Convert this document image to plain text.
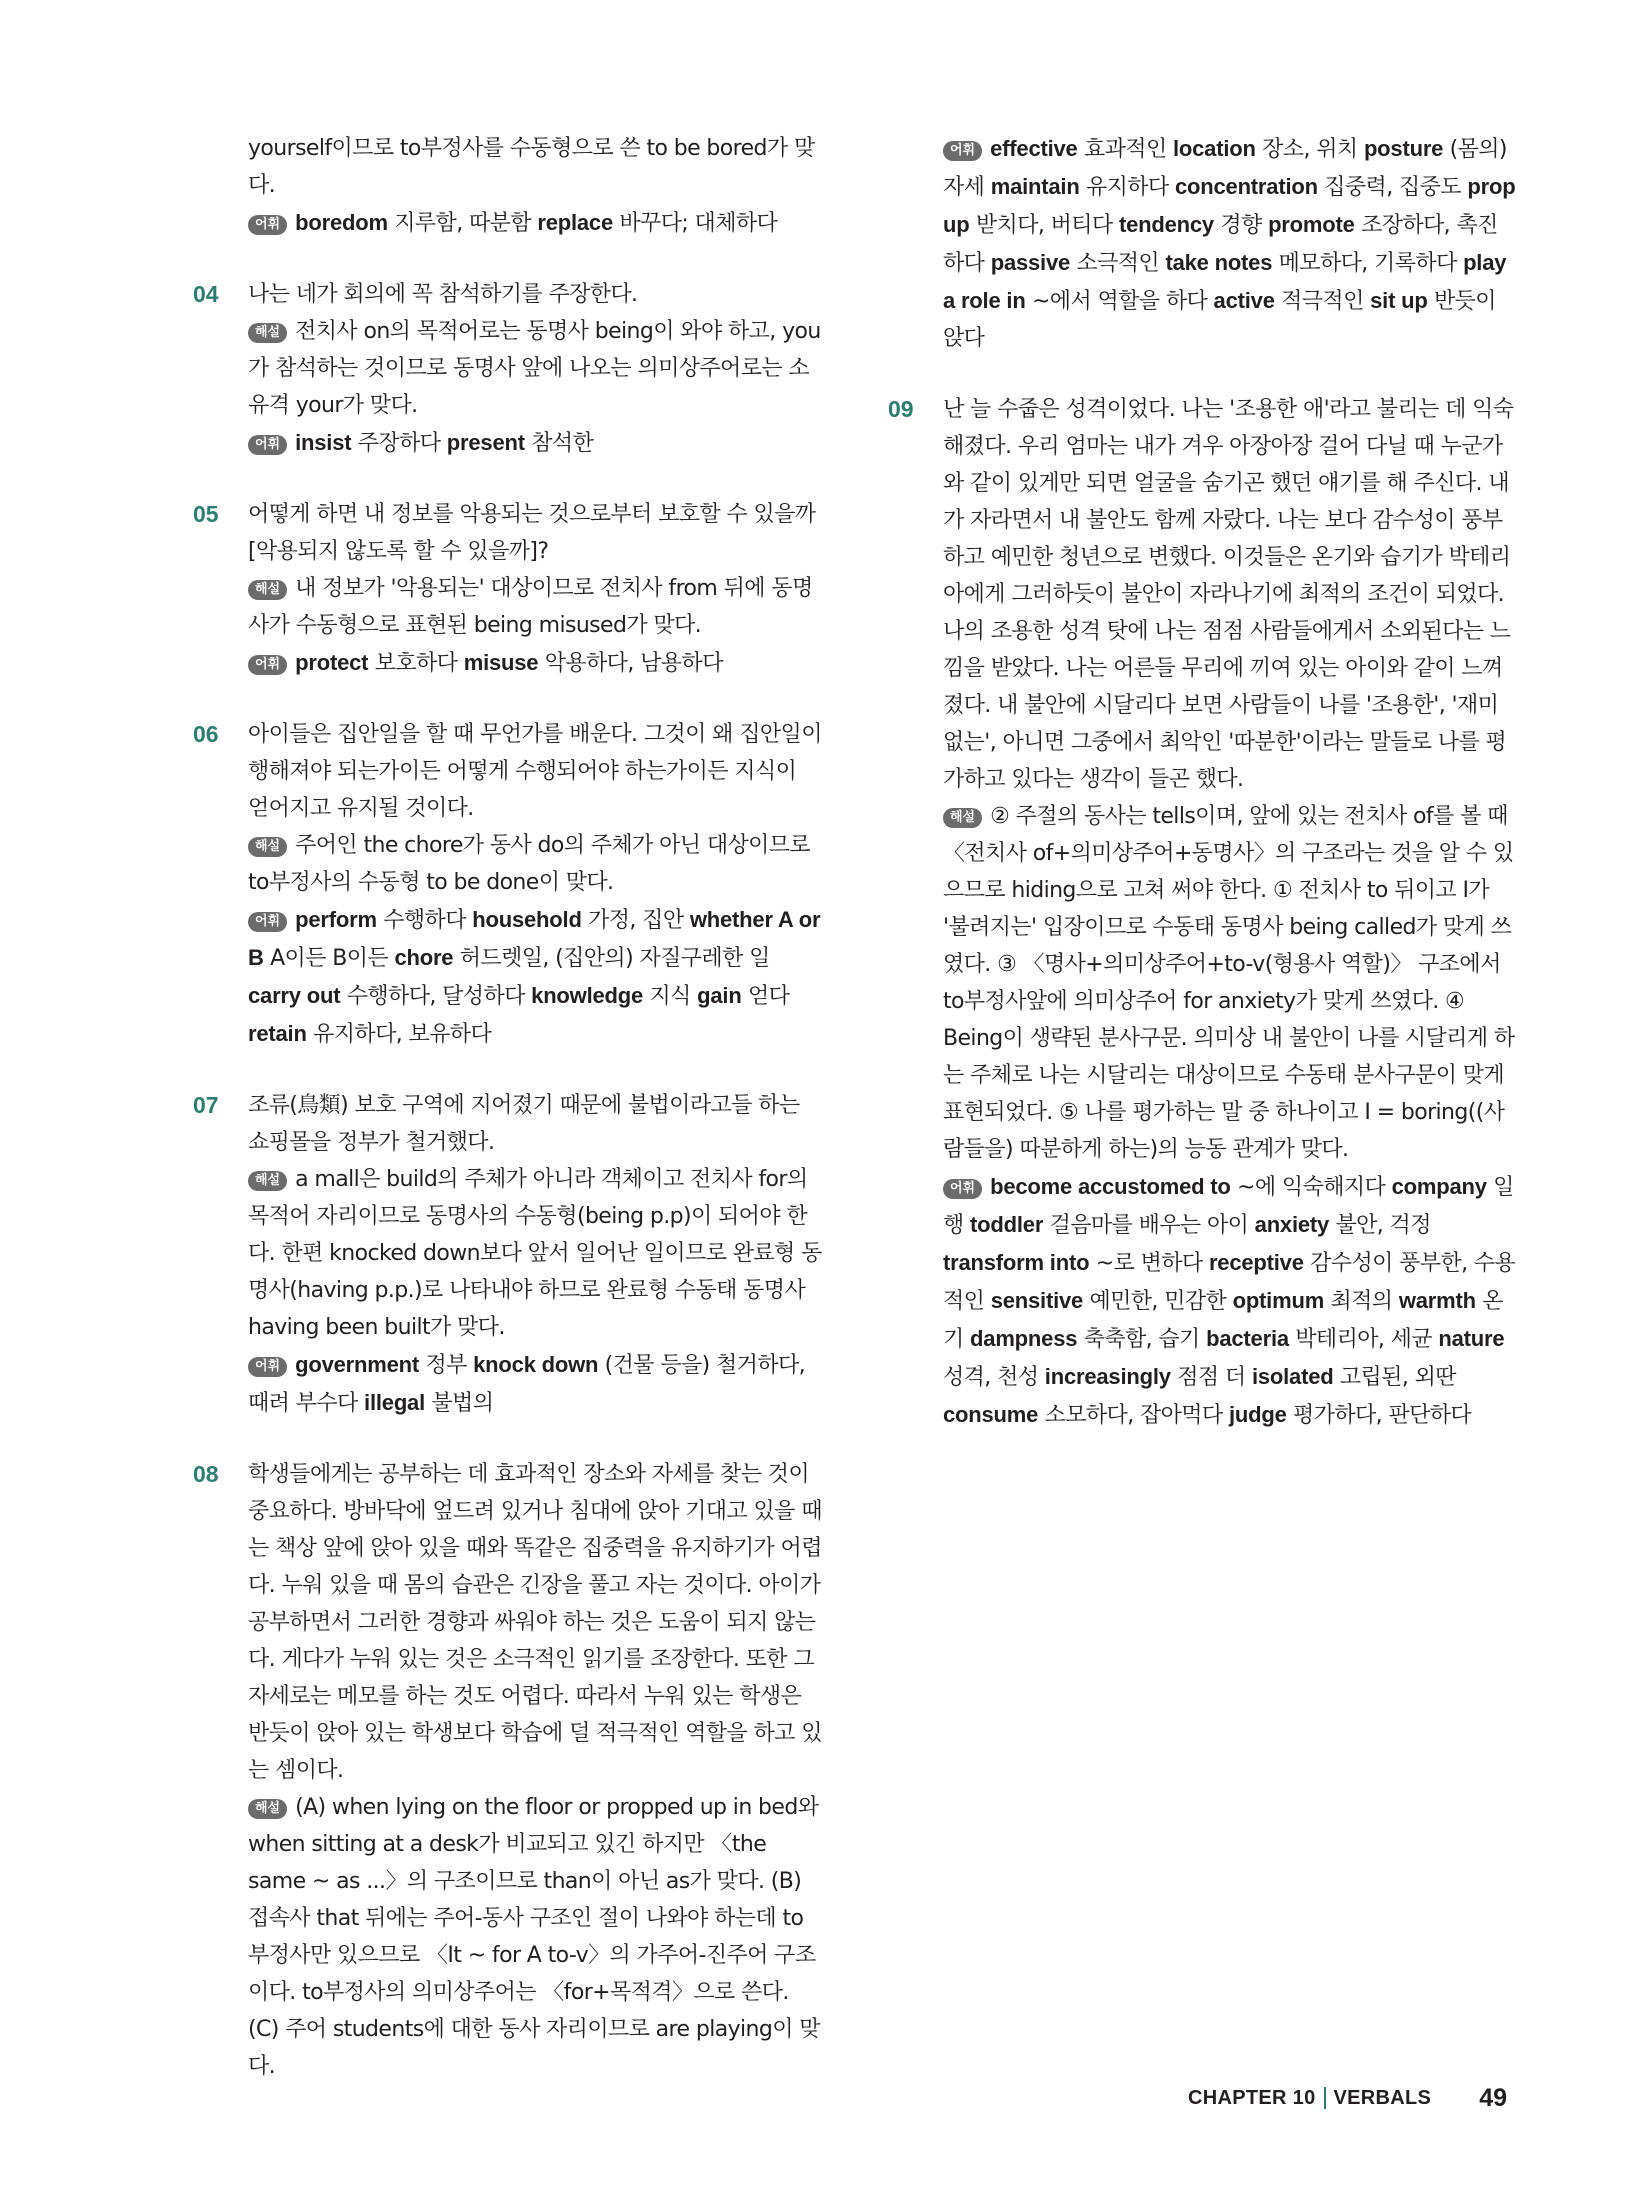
yourself이므로 to부정사를 수동형으로 쓴 to be bored가 맞다.

어휘 boredom 지루함, 따분함 replace 바꾸다; 대체하다

04 나는 네가 회의에 꼭 참석하기를 주장한다.

해설 전치사 on의 목적어로는 동명사 being이 와야 하고, you가 참석하는 것이므로 동명사 앞에 나오는 의미상주어로는 소유격 your가 맞다.

어휘 insist 주장하다 present 참석한

05 어떻게 하면 내 정보를 악용되는 것으로부터 보호할 수 있을까[악용되지 않도록 할 수 있을까]?

해설 내 정보가 '악용되는' 대상이므로 전치사 from 뒤에 동명사가 수동형으로 표현된 being misused가 맞다.

어휘 protect 보호하다 misuse 악용하다, 남용하다

06 아이들은 집안일을 할 때 무언가를 배운다. 그것이 왜 집안일이 행해져야 되는가이든 어떻게 수행되어야 하는가이든 지식이 얻어지고 유지될 것이다.

해설 주어인 the chore가 동사 do의 주체가 아닌 대상이므로 to부정사의 수동형 to be done이 맞다.

어휘 perform 수행하다 household 가정, 집안 whether A or B A이든 B이든 chore 허드렛일, (집안의) 자질구레한 일 carry out 수행하다, 달성하다 knowledge 지식 gain 얻다 retain 유지하다, 보유하다

07 조류(鳥類) 보호 구역에 지어졌기 때문에 불법이라고들 하는 쇼핑몰을 정부가 철거했다.

해설 a mall은 build의 주체가 아니라 객체이고 전치사 for의 목적어 자리이므로 동명사의 수동형(being p.p)이 되어야 한다. 한편 knocked down보다 앞서 일어난 일이므로 완료형 동명사(having p.p.)로 나타내야 하므로 완료형 수동태 동명사 having been built가 맞다.

어휘 government 정부 knock down (건물 등을) 철거하다, 때려 부수다 illegal 불법의

08 학생들에게는 공부하는 데 효과적인 장소와 자세를 찾는 것이 중요하다. 방바닥에 엎드려 있거나 침대에 앉아 기대고 있을 때는 책상 앞에 앉아 있을 때와 똑같은 집중력을 유지하기가 어렵다. 누워 있을 때 몸의 습관은 긴장을 풀고 자는 것이다. 아이가 공부하면서 그러한 경향과 싸워야 하는 것은 도움이 되지 않는다. 게다가 누워 있는 것은 소극적인 읽기를 조장한다. 또한 그 자세로는 메모를 하는 것도 어렵다. 따라서 누워 있는 학생은 반듯이 앉아 있는 학생보다 학습에 덜 적극적인 역할을 하고 있는 셈이다.

해설 (A) when lying on the floor or propped up in bed와 when sitting at a desk가 비교되고 있긴 하지만 〈the same ~ as ...〉의 구조이므로 than이 아닌 as가 맞다. (B) 접속사 that 뒤에는 주어-동사 구조인 절이 나와야 하는데 to부정사만 있으므로 〈It ~ for A to-v〉의 가주어-진주어 구조이다. to부정사의 의미상주어는 〈for+목적격〉으로 쓴다. (C) 주어 students에 대한 동사 자리이므로 are playing이 맞다.

어휘 effective 효과적인 location 장소, 위치 posture (몸의) 자세 maintain 유지하다 concentration 집중력, 집중도 prop up 받치다, 버티다 tendency 경향 promote 조장하다, 촉진하다 passive 소극적인 take notes 메모하다, 기록하다 play a role in ~에서 역할을 하다 active 적극적인 sit up 반듯이 앉다

09 난 늘 수줍은 성격이었다. 나는 '조용한 애'라고 불리는 데 익숙해졌다. 우리 엄마는 내가 겨우 아장아장 걸어 다닐 때 누군가와 같이 있게만 되면 얼굴을 숨기곤 했던 얘기를 해 주신다. 내가 자라면서 내 불안도 함께 자랐다. 나는 보다 감수성이 풍부하고 예민한 청년으로 변했다. 이것들은 온기와 습기가 박테리아에게 그러하듯이 불안이 자라나기에 최적의 조건이 되었다. 나의 조용한 성격 탓에 나는 점점 사람들에게서 소외된다는 느낌을 받았다. 나는 어른들 무리에 끼여 있는 아이와 같이 느껴졌다. 내 불안에 시달리다 보면 사람들이 나를 '조용한', '재미없는', 아니면 그중에서 최악인 '따분한'이라는 말들로 나를 평가하고 있다는 생각이 들곤 했다.

해설 ② 주절의 동사는 tells이며, 앞에 있는 전치사 of를 볼 때 〈전치사 of+의미상주어+동명사〉의 구조라는 것을 알 수 있으므로 hiding으로 고쳐 써야 한다. ① 전치사 to 뒤이고 I가 '불려지는' 입장이므로 수동태 동명사 being called가 맞게 쓰였다. ③ 〈명사+의미상주어+to-v(형용사 역할)〉 구조에서 to부정사앞에 의미상주어 for anxiety가 맞게 쓰였다. ④ Being이 생략된 분사구문. 의미상 내 불안이 나를 시달리게 하는 주체로 나는 시달리는 대상이므로 수동태 분사구문이 맞게 표현되었다. ⑤ 나를 평가하는 말 중 하나이고 I = boring((사람들을) 따분하게 하는)의 능동 관계가 맞다.

어휘 become accustomed to ~에 익숙해지다 company 일행 toddler 걸음마를 배우는 아이 anxiety 불안, 걱정 transform into ~로 변하다 receptive 감수성이 풍부한, 수용적인 sensitive 예민한, 민감한 optimum 최적의 warmth 온기 dampness 축축함, 습기 bacteria 박테리아, 세균 nature 성격, 천성 increasingly 점점 더 isolated 고립된, 외딴 consume 소모하다, 잡아먹다 judge 평가하다, 판단하다

CHAPTER 10 VERBALS 49
